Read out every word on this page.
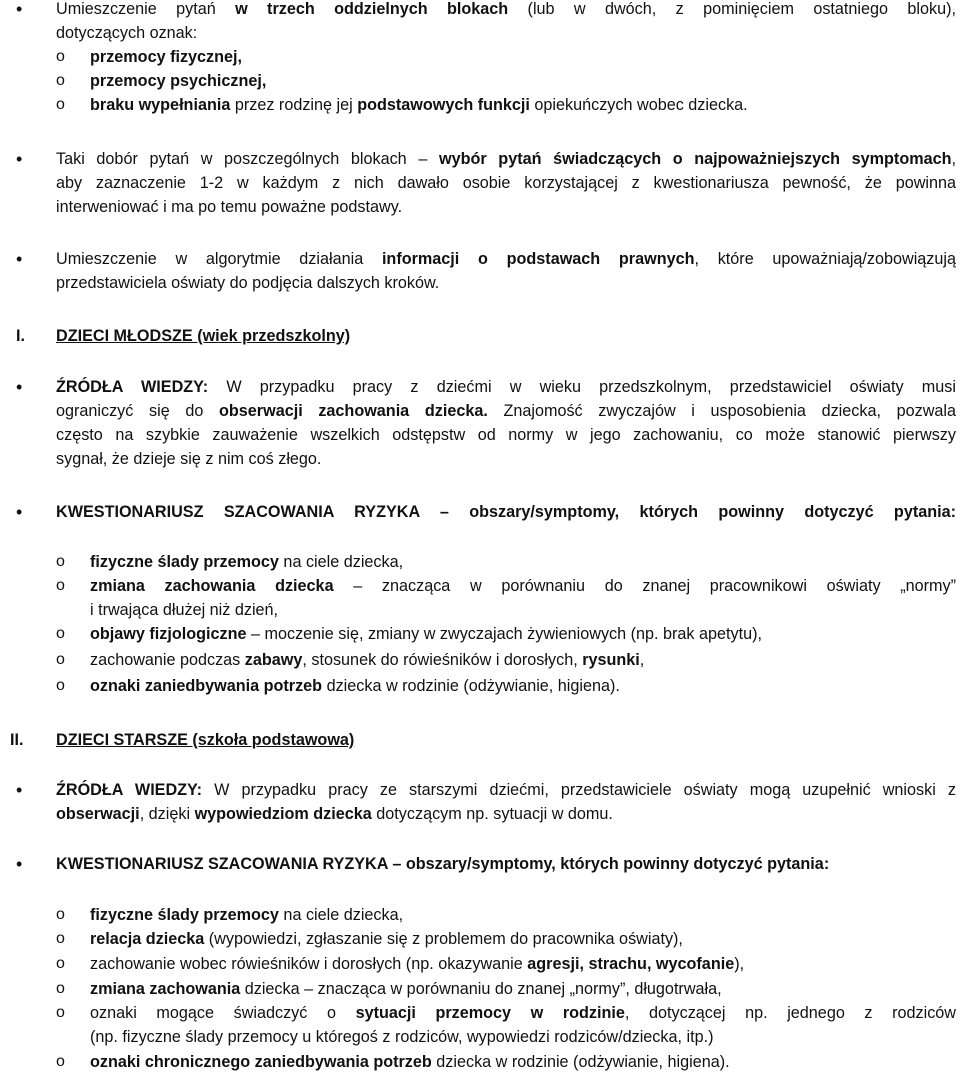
• Umieszczenie pytań w trzech oddzielnych blokach (lub w dwóch, z pominięciem ostatniego bloku),
dotyczących oznak:
o przemocy fizycznej,
o przemocy psychicznej,
o braku wypełniania przez rodzinę jej podstawowych funkcji opiekuńczych wobec dziecka.
• Taki dobór pytań w poszczególnych blokach – wybór pytań świadczących o najpoważniejszych symptomach,
aby zaznaczenie 1-2 w każdym z nich dawało osobie korzystającej z kwestionariusza pewność, że powinna
interweniować i ma po temu poważne podstawy.
• Umieszczenie w algorytmie działania informacji o podstawach prawnych, które upoważniają/zobowiązują
przedstawiciela oświaty do podjęcia dalszych kroków.
I. DZIECI MŁODSZE (wiek przedszkolny)
• ŹRÓDŁA WIEDZY: W przypadku pracy z dziećmi w wieku przedszkolnym, przedstawiciel oświaty musi
ograniczyć się do obserwacji zachowania dziecka. Znajomość zwyczajów i usposobienia dziecka, pozwala
często na szybkie zauważenie wszelkich odstępstw od normy w jego zachowaniu, co może stanowić pierwszy
sygnał, że dzieje się z nim coś złego.
• KWESTIONARIUSZ SZACOWANIA RYZYKA – obszary/symptomy, których powinny dotyczyć pytania:
o fizyczne ślady przemocy na ciele dziecka,
o zmiana zachowania dziecka – znacząca w porównaniu do znanej pracownikowi oświaty „normy”
i trwająca dłużej niż dzień,
o objawy fizjologiczne – moczenie się, zmiany w zwyczajach żywieniowych (np. brak apetytu),
o zachowanie podczas zabawy, stosunek do rówieśników i dorosłych, rysunki,
o oznaki zaniedbywania potrzeb dziecka w rodzinie (odżywianie, higiena).
II. DZIECI STARSZE (szkoła podstawowa)
• ŹRÓDŁA WIEDZY: W przypadku pracy ze starszymi dziećmi, przedstawiciele oświaty mogą uzupełnić wnioski z
obserwacji, dzięki wypowiedziom dziecka dotyczącym np. sytuacji w domu.
• KWESTIONARIUSZ SZACOWANIA RYZYKA – obszary/symptomy, których powinny dotyczyć pytania:
o fizyczne ślady przemocy na ciele dziecka,
o relacja dziecka (wypowiedzi, zgłaszanie się z problemem do pracownika oświaty),
o zachowanie wobec rówieśników i dorosłych (np. okazywanie agresji, strachu, wycofanie),
o zmiana zachowania dziecka – znacząca w porównaniu do znanej „normy”, długotrwała,
o oznaki mogące świadczyć o sytuacji przemocy w rodzinie, dotyczącej np. jednego z rodziców
(np. fizyczne ślady przemocy u któregoś z rodziców, wypowiedzi rodziców/dziecka, itp.)
o oznaki chronicznego zaniedbywania potrzeb dziecka w rodzinie (odżywianie, higiena).
